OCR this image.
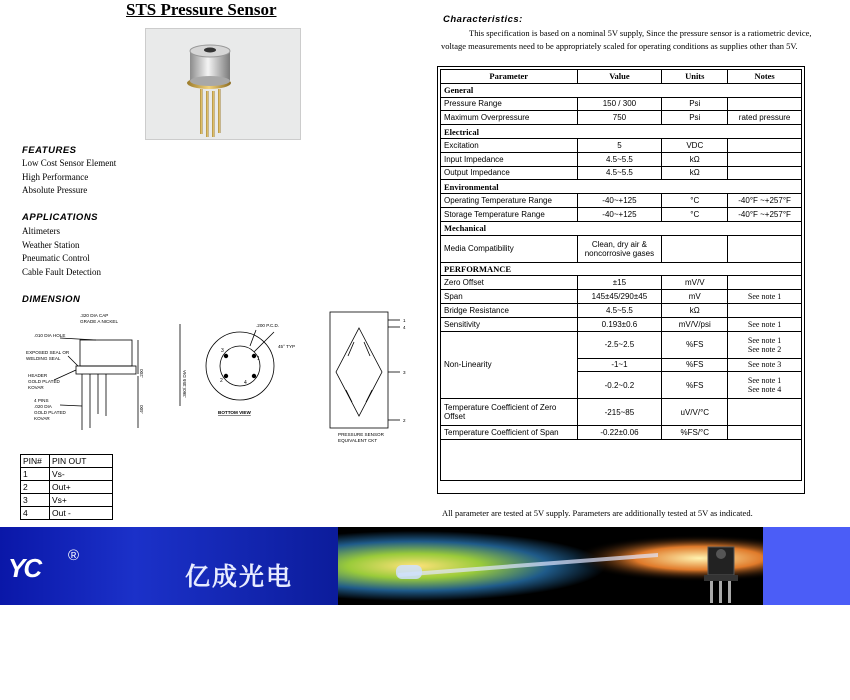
STS Pressure Sensor
FEATURES
Low Cost Sensor Element
High Performance
Absolute Pressure
APPLICATIONS
Altimeters
Weather Station
Pneumatic Control
Cable Fault Detection
DIMENSION
.320 DIA CAP
GRADE A NICKEL
.010 DIA HOLE
EXPOSED SEAL OR
WELDING SEAL
HEADER
GOLD PLATED
KOVAR
4 PINS
.020 DIA
GOLD PLATED
KOVAR
.200 P.C.D.
45° TYP
BOTTOM VIEW
.360/.355 DIA
.200
.400
3
1
2	4
1
4
3
2
PRESSURE SENSOR
EQUIVALENT CKT
PIN#	PIN OUT
1	Vs-
2	Out+
3	Vs+
4	Out -
Characteristics:
This specification is based on a nominal 5V supply, Since the pressure sensor is a ratiometric device, voltage measurements need to be appropriately scaled for operating conditions as supplies other than 5V.
Parameter	Value	Units	Notes
General			
Pressure Range	150 / 300	Psi	
Maximum Overpressure	750	Psi	rated pressure
Electrical			
Excitation	5	VDC	
Input Impedance	4.5~5.5	kΩ	
Output Impedance	4.5~5.5	kΩ	
Environmental			
Operating Temperature Range	-40~+125	°C	-40°F ~+257°F
Storage Temperature Range	-40~+125	°C	-40°F ~+257°F
Mechanical			
Media Compatibility	Clean, dry air &
noncorrosive gases		

PERFORMANCE			
Zero Offset	±15	mV/V	
Span	145±45/290±45	mV	See note 1
Bridge Resistance	4.5~5.5	kΩ	
Sensitivity	0.193±0.6	mV/V/psi	See note 1
Non-Linearity	-2.5~2.5	%FS	See note 1
See note 2

	-1~1	%FS	See note 3
	-0.2~0.2	%FS	See note 1
See note 4

Temperature Coefficient of Zero Offset	-215~85	uV/V/°C	
Temperature Coefficient of Span	-0.22±0.06	%FS/°C	

All parameter are tested at 5V supply. Parameters are additionally tested at 5V as indicated.
YC ®
亿成光电
